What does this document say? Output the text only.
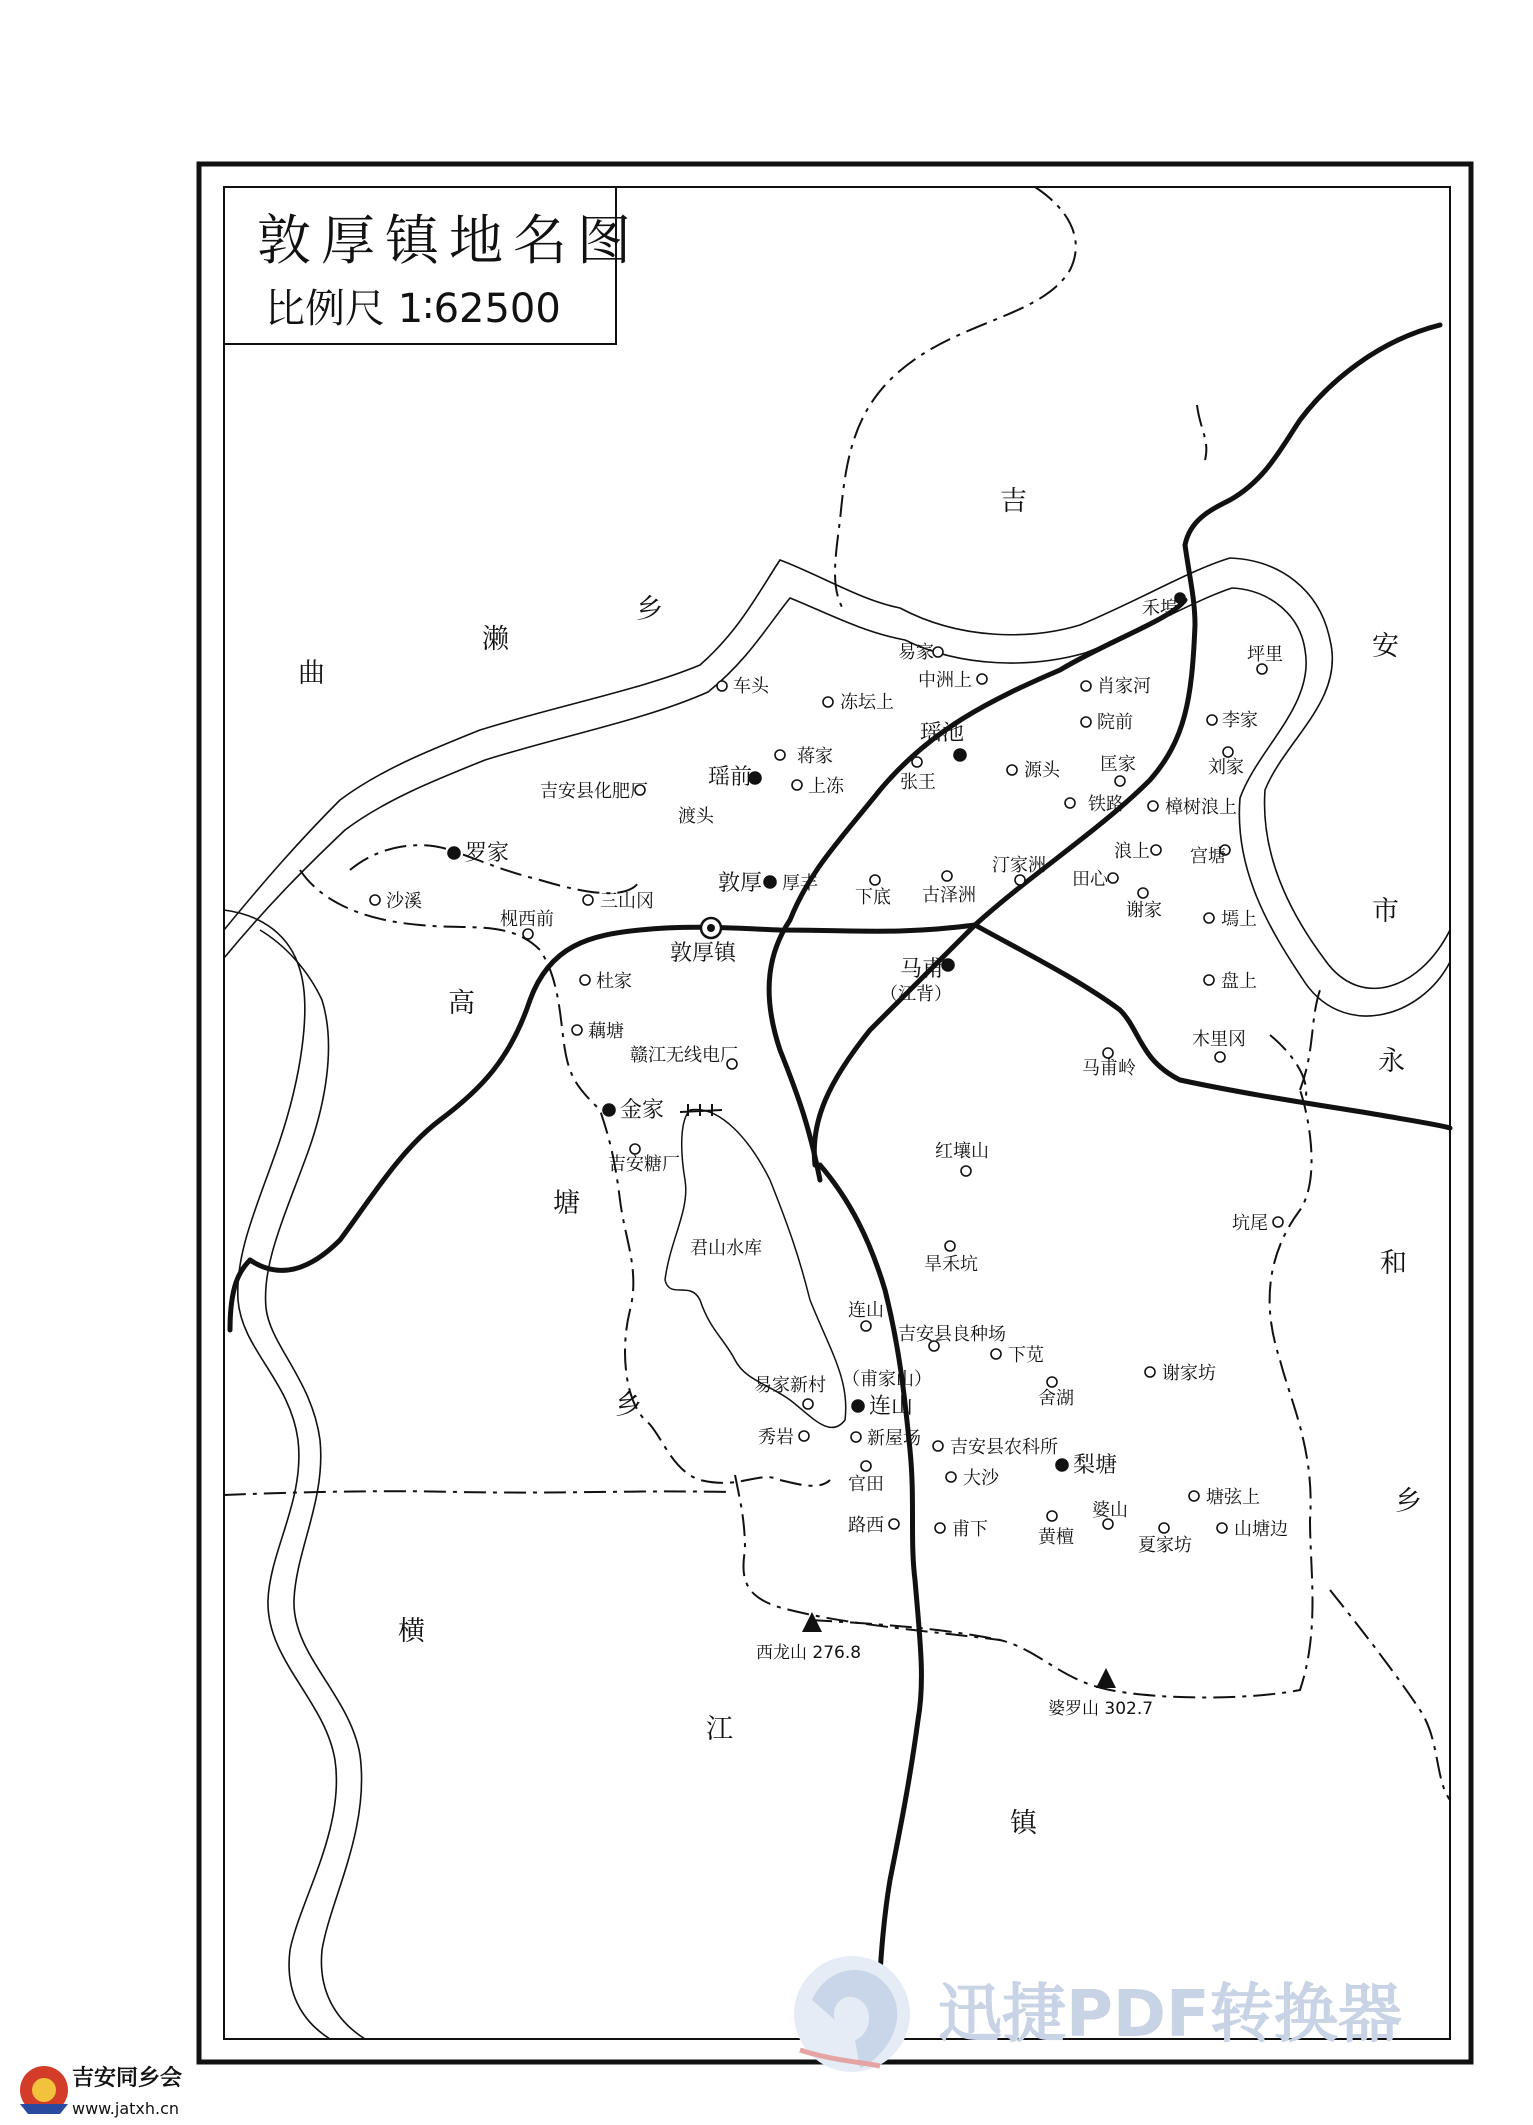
敦厚镇地名图
比例尺 1∶62500
吉
安
市
曲
濑
乡
高
塘
乡
永
和
乡
横
江
镇
禾埠
易家
中洲上	肖家河
坪里
车头
冻坛上
院前	李家
蒋家
瑶池
刘家
瑶前	上冻	张王
源头 匡家
吉安县化肥厂
渡头
铁路 樟树浪上
罗家	汀家洲
浪上 宫塘
敦厚 厚丰
下底 古泽洲
田心
沙溪
枧西前
三山冈	谢家
敦厚镇
墕上
马甫
（江背）
杜家	盘上
藕塘	木里冈
赣江无线电厂
马甫岭
金家
红壤山
吉安糖厂
坑尾
君山水库
旱禾坑
连山
吉安县良种场
下苋
易家新村 （甫家山）	谢家坊
连山	舍湖
秀岩	新屋场 吉安县农科所
梨塘
官田	大沙
塘弦上
婆山
路西	甫下	黄檀	夏家坊
山塘边
西龙山 276.8
婆罗山 302.7
迅捷PDF转换器
吉安同乡会
www.jatxh.cn
